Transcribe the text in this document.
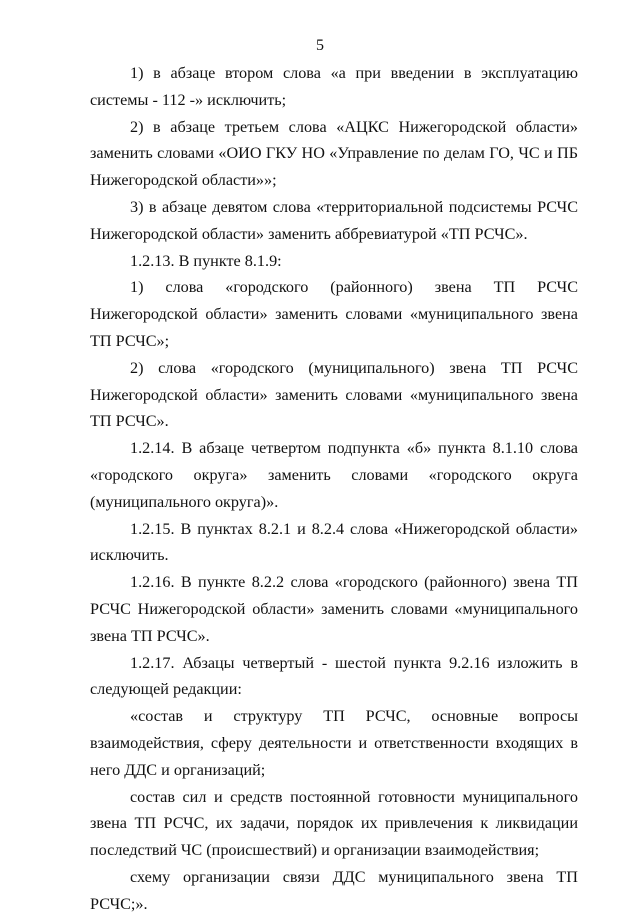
5

1) в абзаце втором слова «а при введении в эксплуатацию системы - 112 -» исключить;

2) в абзаце третьем слова «АЦКС Нижегородской области» заменить словами «ОИО ГКУ НО «Управление по делам ГО, ЧС и ПБ Нижегородской области»»;

3) в абзаце девятом слова «территориальной подсистемы РСЧС Нижегородской области» заменить аббревиатурой «ТП РСЧС».

1.2.13. В пункте 8.1.9:

1) слова «городского (районного) звена ТП РСЧС Нижегородской области» заменить словами «муниципального звена ТП РСЧС»;

2) слова «городского (муниципального) звена ТП РСЧС Нижегородской области» заменить словами «муниципального звена ТП РСЧС».

1.2.14. В абзаце четвертом подпункта «б» пункта 8.1.10 слова «городского округа» заменить словами «городского округа (муниципального округа)».

1.2.15. В пунктах 8.2.1 и 8.2.4 слова «Нижегородской области» исключить.

1.2.16. В пункте 8.2.2 слова «городского (районного) звена ТП РСЧС Нижегородской области» заменить словами «муниципального звена ТП РСЧС».

1.2.17. Абзацы четвертый - шестой пункта 9.2.16 изложить в следующей редакции:

«состав и структуру ТП РСЧС, основные вопросы взаимодействия, сферу деятельности и ответственности входящих в него ДДС и организаций;

состав сил и средств постоянной готовности муниципального звена ТП РСЧС, их задачи, порядок их привлечения к ликвидации последствий ЧС (происшествий) и организации взаимодействия;

схему организации связи ДДС муниципального звена ТП РСЧС;».
